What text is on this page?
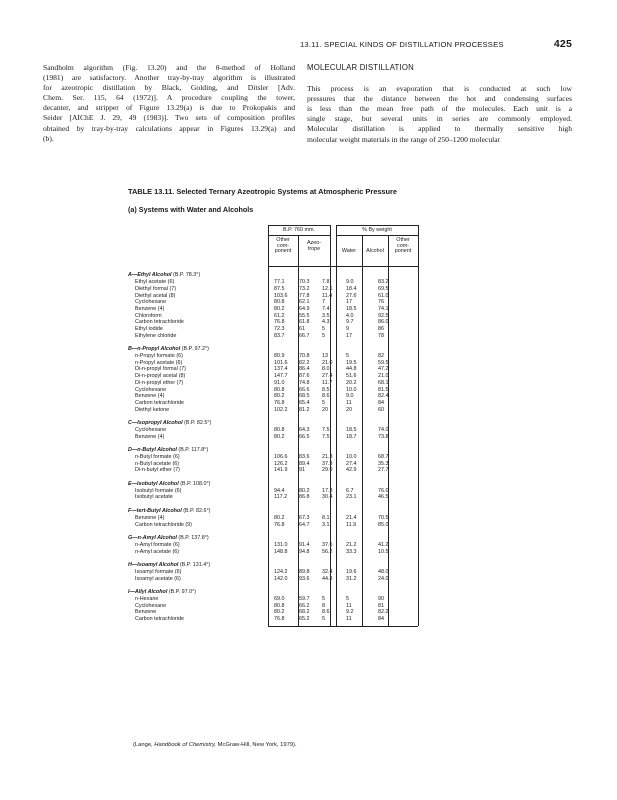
13.11. SPECIAL KINDS OF DISTILLATION PROCESSES	425

Sandholm algorithm (Fig. 13.20) and the θ-method of Holland
(1981) are satisfactory. Another tray-by-tray algorithm is illustrated
for azeotropic distillation by Black, Golding, and Ditsler [Adv.
Chem. Ser. 115, 64 (1972)]. A procedure coupling the tower,
decanter, and stripper of Figure 13.29(a) is due to Prokopakis and
Seider [AIChE J. 29, 49 (1983)]. Two sets of composition profiles
obtained by tray-by-tray calculations appear in Figures 13.29(a) and
(b).

MOLECULAR DISTILLATION

This process is an evaporation that is conducted at such low
pressures that the distance between the hot and condensing surfaces
is less than the mean free path of the molecules. Each unit is a
single stage, but several units in series are commonly employed.
Molecular distillation is applied to thermally sensitive high
molecular weight materials in the range of 250–1200 molecular

TABLE 13.11. Selected Ternary Azeotropic Systems at Atmospheric Pressure
(a) Systems with Water and Alcohols
B.P. 760 mm.	% By weight
Other
com-
ponent
Azeo-
trope	Water	Alcohol
Other
com-
ponent
A—Ethyl Alcohol (B.P. 78.3°)
Ethyl acetate (6)	77.1	70.3 7.8	9.0	83.2
Diethyl formal (7)	87.5	73.2 12.1	18.4	69.5
Diethyl acetal (8)	103.6 77.8 11.4	27.6	61.0
Cyclohexane	80.8	62.1 7	17	76
Benzene (4)	80.2	64.9 7.4	18.5	74.1
Chloroform	61.2	55.5 3.5	4.0	92.5
Carbon tetrachloride	76.8	61.8 4.3	9.7	86.0
Ethyl iodide	72.3	61	5	9	86
Ethylene chloride	83.7	66.7 5	17	78
B—n-Propyl Alcohol (B.P. 97.2°)
n-Propyl formate (6)	80.9	70.8 13	5	82
n-Propyl acetate (6)	101.6 82.2 21.0	19.5	59.5
Di-n-propyl formal (7)	137.4 86.4 8.0	44.8	47.2
Di-n-propyl acetal (8)	147.7 87.6 27.4	51.6	21.0
Di-n-propyl ether (7)	91.0	74.8 11.7	20.2	68.1
Cyclohexane	80.8	66.6 8.5	10.0	81.5
Benzene (4)	80.2	68.5 8.6	9.0	82.4
Carbon tetrachloride	76.8	65.4 5	11	84
Diethyl ketone	102.2 81.2 20	20	60
C—Isopropyl Alcohol (B.P. 82.5°)
Cyclohexane	80.8	64.3 7.5	18.5	74.0
Benzene (4)	80.2	66.5 7.5	18.7	73.8
D—n-Butyl Alcohol (B.P. 117.8°)
n-Butyl formate (6)	106.6 83.6 21.3	10.0	68.7
n-Butyl acetate (6)	126.2 89.4 37.3	27.4	35.3
Di-n-butyl ether (7)	141.9 91	29.9	42.9	27.7
E—Isobutyl Alcohol (B.P. 108.0°)
Isobutyl formate (6)	94.4	80.2 17.3	6.7	76.0
Isobutyl acetate	117.2 86.8 30.4	23.1	46.5
F—tert-Butyl Alcohol (B.P. 82.6°)
Benzene (4)	80.2	67.3 8.1	21.4	70.5
Carbon tetrachloride (9)	76.8	64.7 3.1	11.9	85.0
G—n-Amyl Alcohol (B.P. 137.8°)
n-Amyl formate (6)	131.0 91.4 37.6	21.2	41.2
n-Amyl acetate (6)	148.8 94.8 56.2	33.3	10.5
H—Isoamyl Alcohol (B.P. 131.4°)
Isoamyl formate (6)	124.2 89.8 32.4	19.6	48.0
Isoamyl acetate (6)	142.0 93.6 44.8	31.2	24.0
I—Allyl Alcohol (B.P. 97.0°)
n-Hexane	69.0	59.7 5	5	90
Cyclohexane	80.8	66.2 8	11	81
Benzene	80.2	68.2 8.6	9.2	82.2
Carbon tetrachloride	76.8	65.2 5	11	84
(Lange, Handbook of Chemistry, McGraw-Hill, New York, 1979).
